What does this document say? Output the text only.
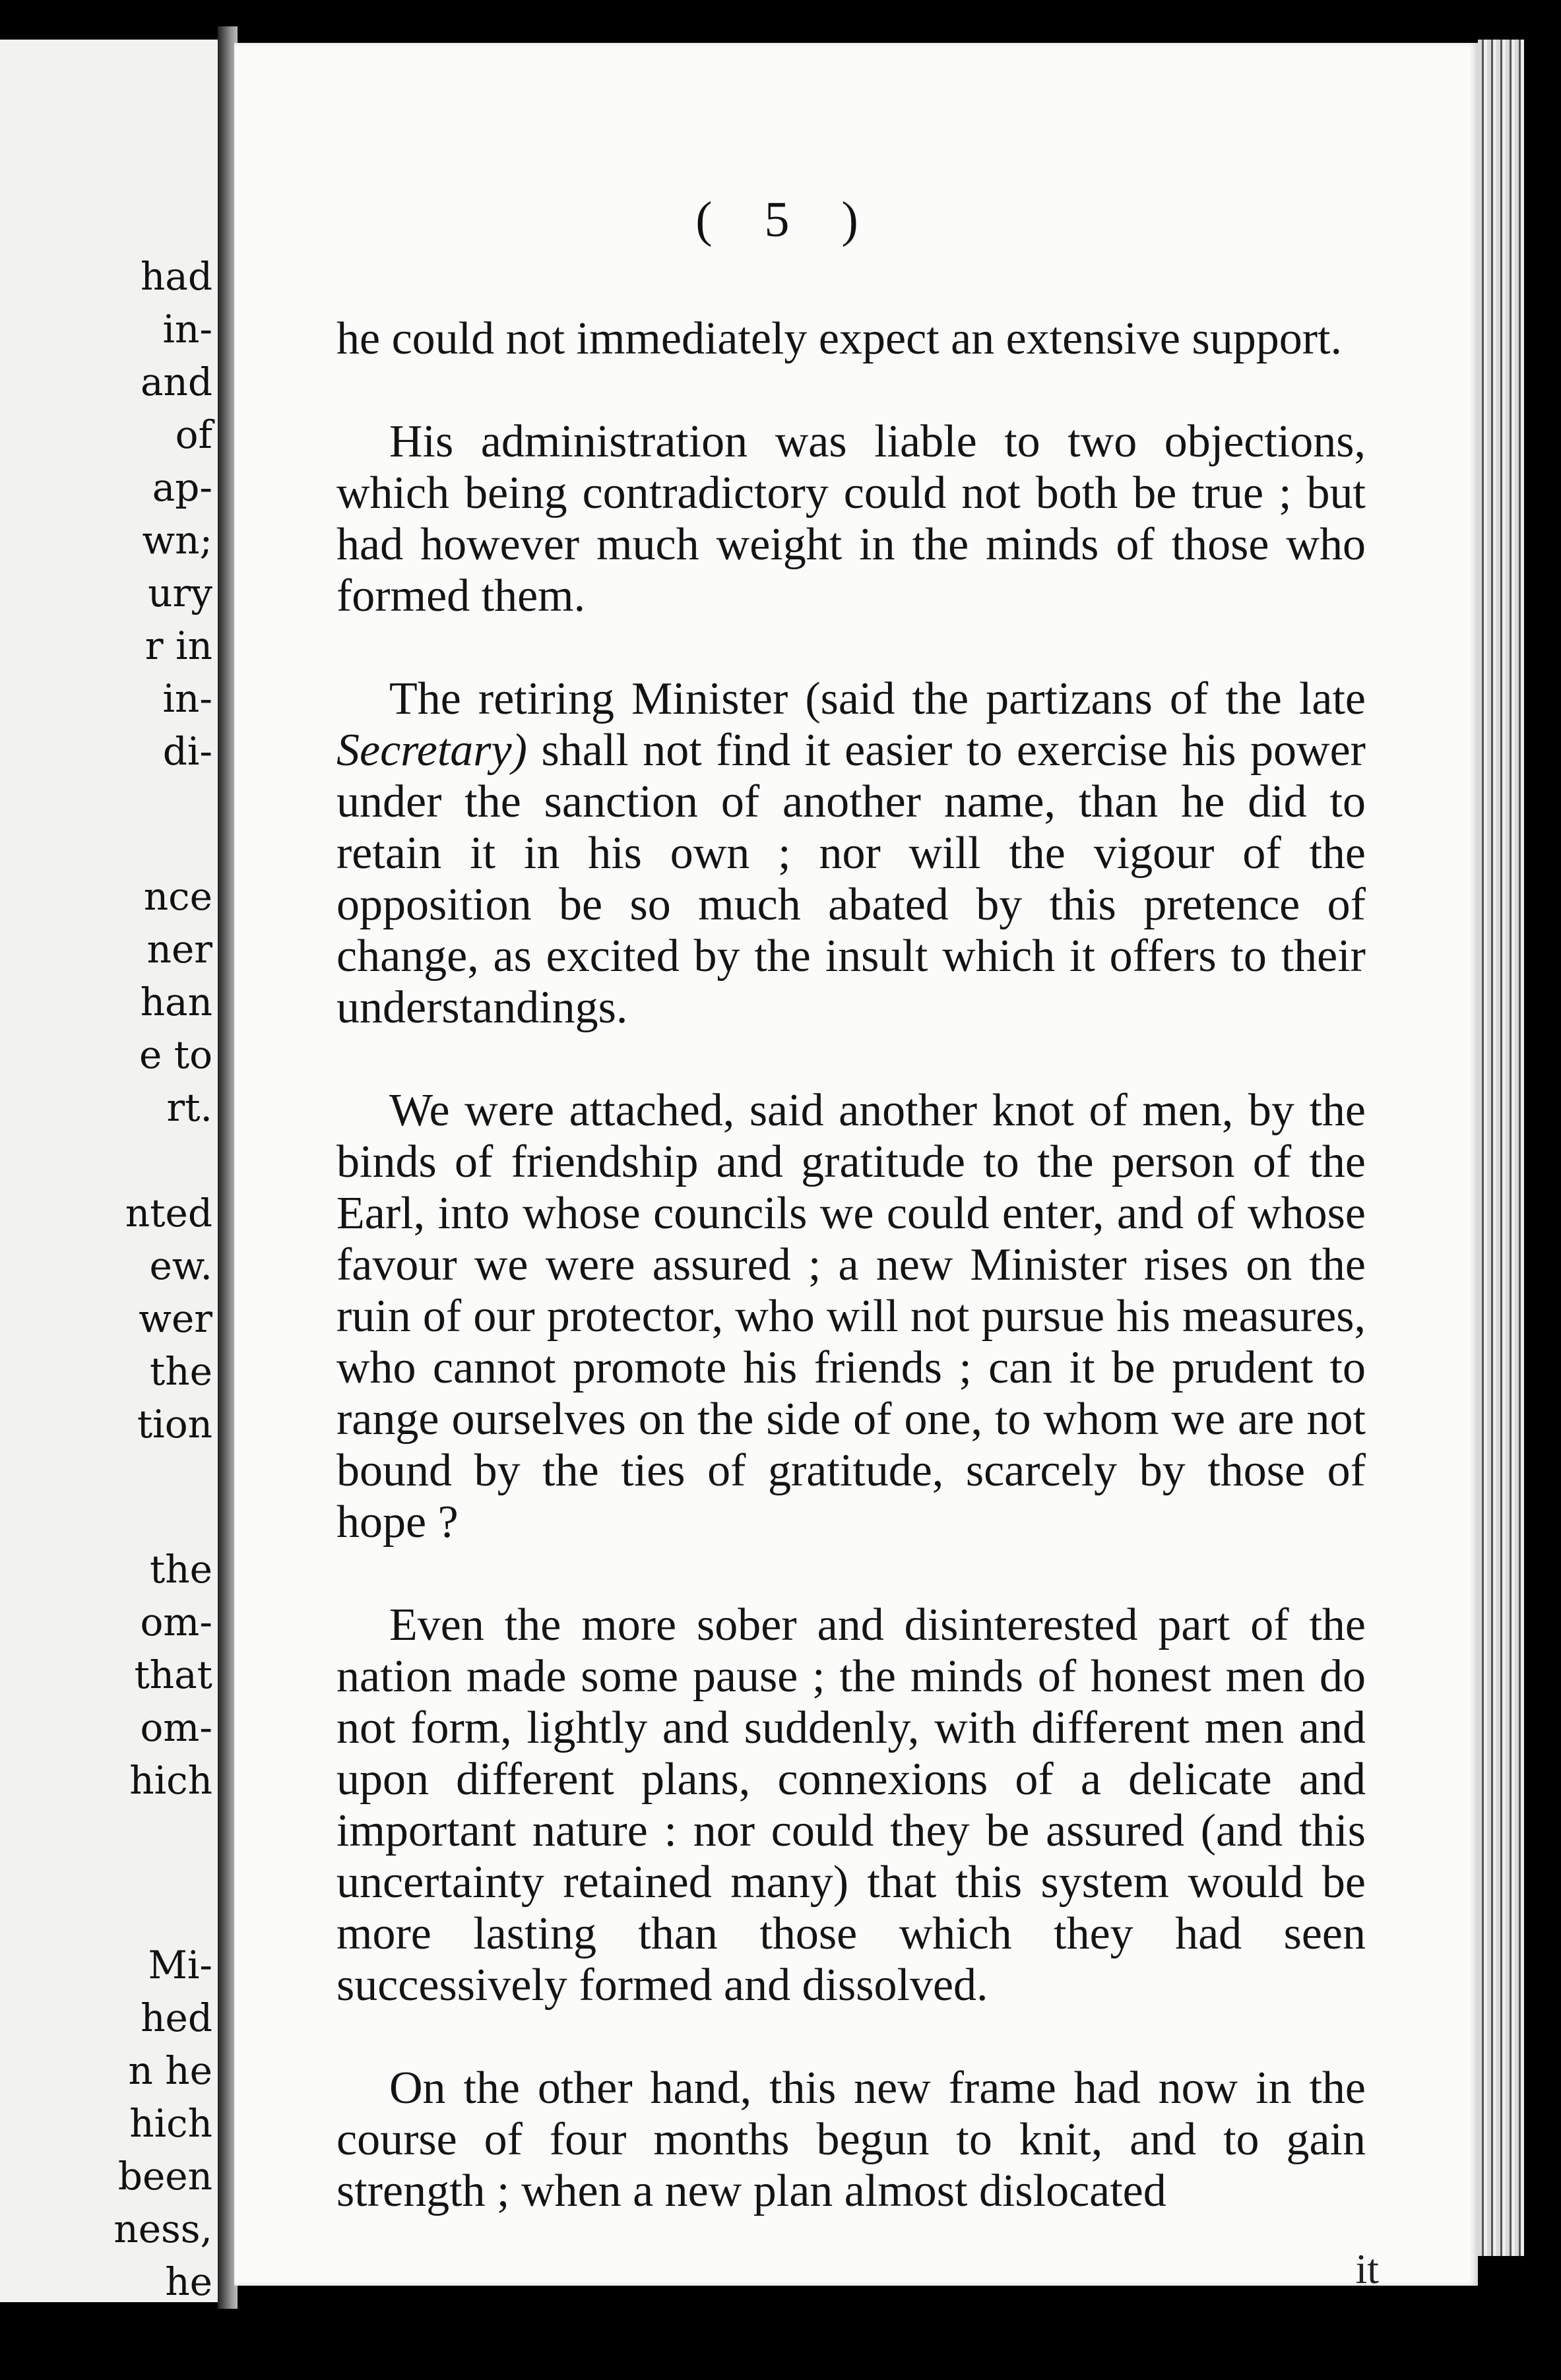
had
in-
and
of
ap-
wn;
ury
r in
in-
di-
nce
ner
han
e to
rt.
nted
ew.
wer
the
tion
the
om-
that
om-
hich
Mi-
hed
n he
hich
been
ness,
he
( 5 )

he could not immediately expect an extensive support.

His administration was liable to two objections, which being contradictory could not both be true ; but had however much weight in the minds of those who formed them.

The retiring Minister (said the partizans of the late Secretary) shall not find it easier to exercise his power under the sanction of another name, than he did to retain it in his own ; nor will the vigour of the opposition be so much abated by this pretence of change, as excited by the insult which it offers to their understandings.

We were attached, said another knot of men, by the binds of friendship and gratitude to the person of the Earl, into whose councils we could enter, and of whose favour we were assured ; a new Minister rises on the ruin of our protector, who will not pursue his measures, who cannot promote his friends ; can it be prudent to range ourselves on the side of one, to whom we are not bound by the ties of gratitude, scarcely by those of hope ?

Even the more sober and disinterested part of the nation made some pause ; the minds of honest men do not form, lightly and suddenly, with different men and upon different plans, connexions of a delicate and important nature : nor could they be assured (and this uncertainty retained many) that this system would be more lasting than those which they had seen successively formed and dissolved.

On the other hand, this new frame had now in the course of four months begun to knit, and to gain strength ; when a new plan almost dislocated

it
